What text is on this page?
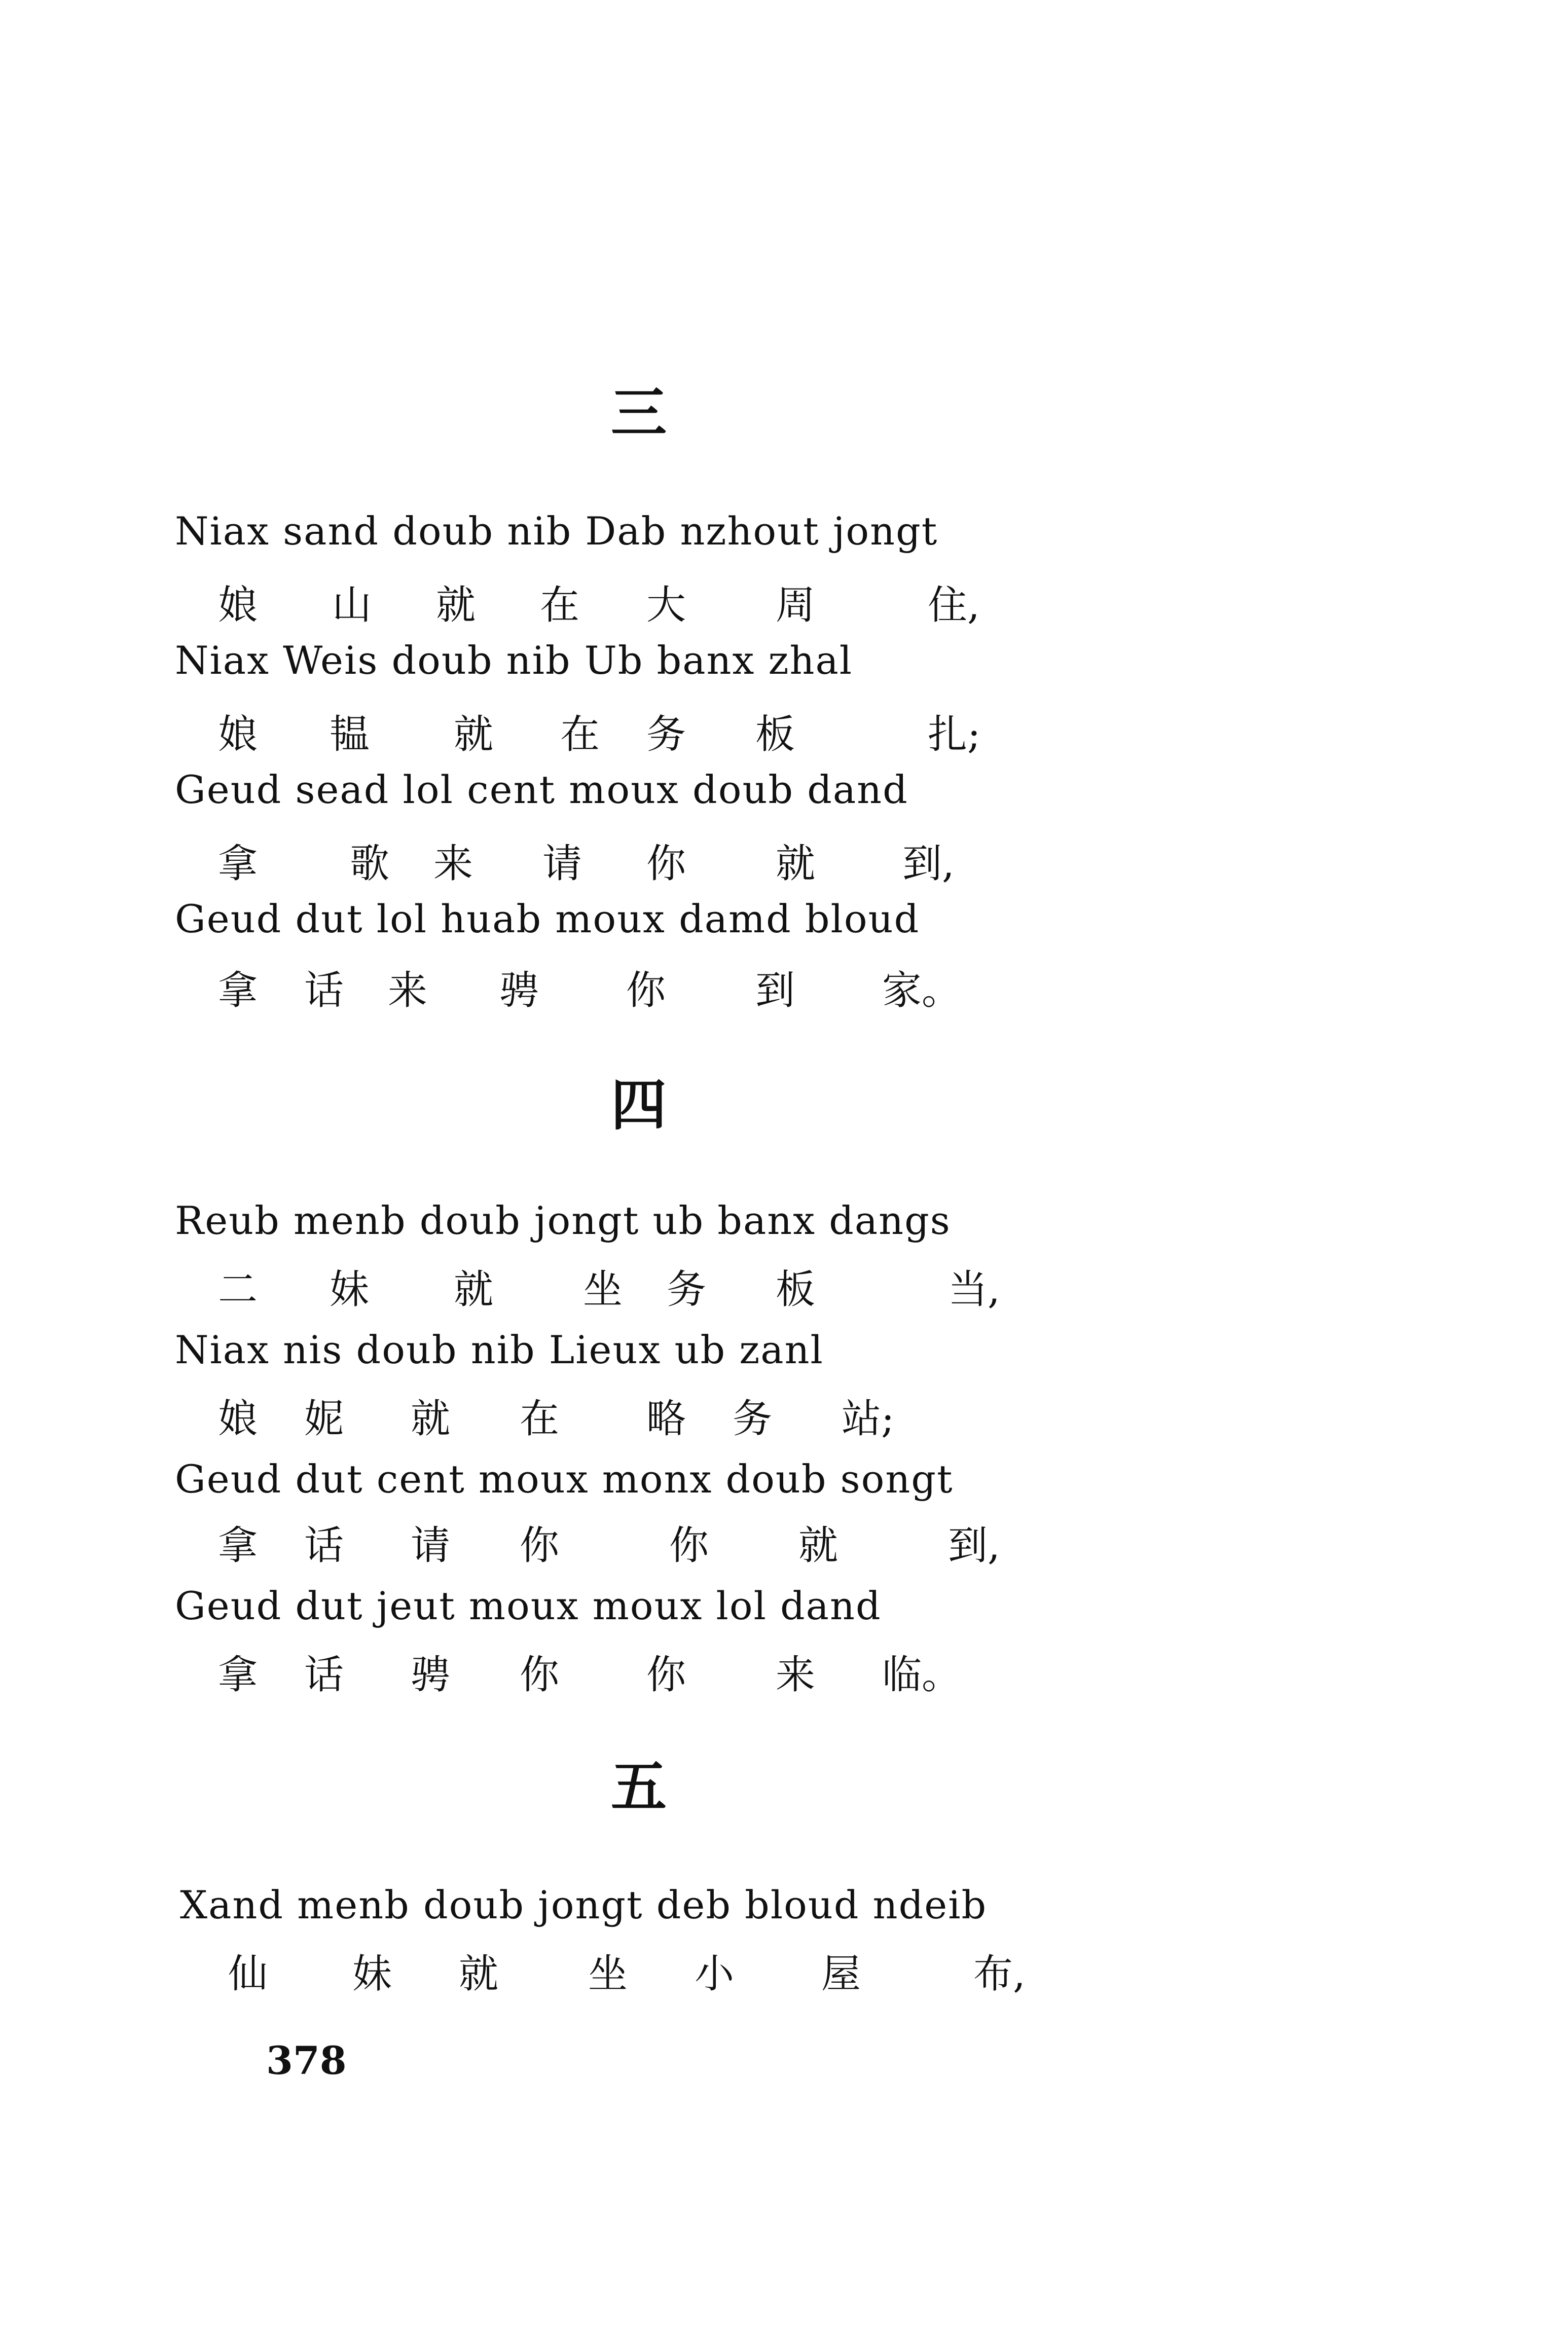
三
Niax sand doub nib Dab nzhout jongt
娘 山 就 在 大 周	住,
Niax Weis doub nib Ub banx zhal
娘 韫 就 在 务 板	扎;
Geud sead lol cent moux doub dand
拿 歌 来 请 你 就 到,
Geud dut lol huab moux damd bloud
拿 话 来 骋 你 到 家。
四
Reub menb doub jongt ub banx dangs
二 妹 就 坐 务 板	当,
Niax nis doub nib Lieux ub zanl
娘 妮 就 在 略 务 站;
Geud dut cent moux monx doub songt
拿 话 请 你	你 就	到,
Geud dut jeut moux moux lol dand
拿 话 骋 你 你 来 临。
五
Xand menb doub jongt deb bloud ndeib
仙 妹 就 坐 小 屋	布,
378
